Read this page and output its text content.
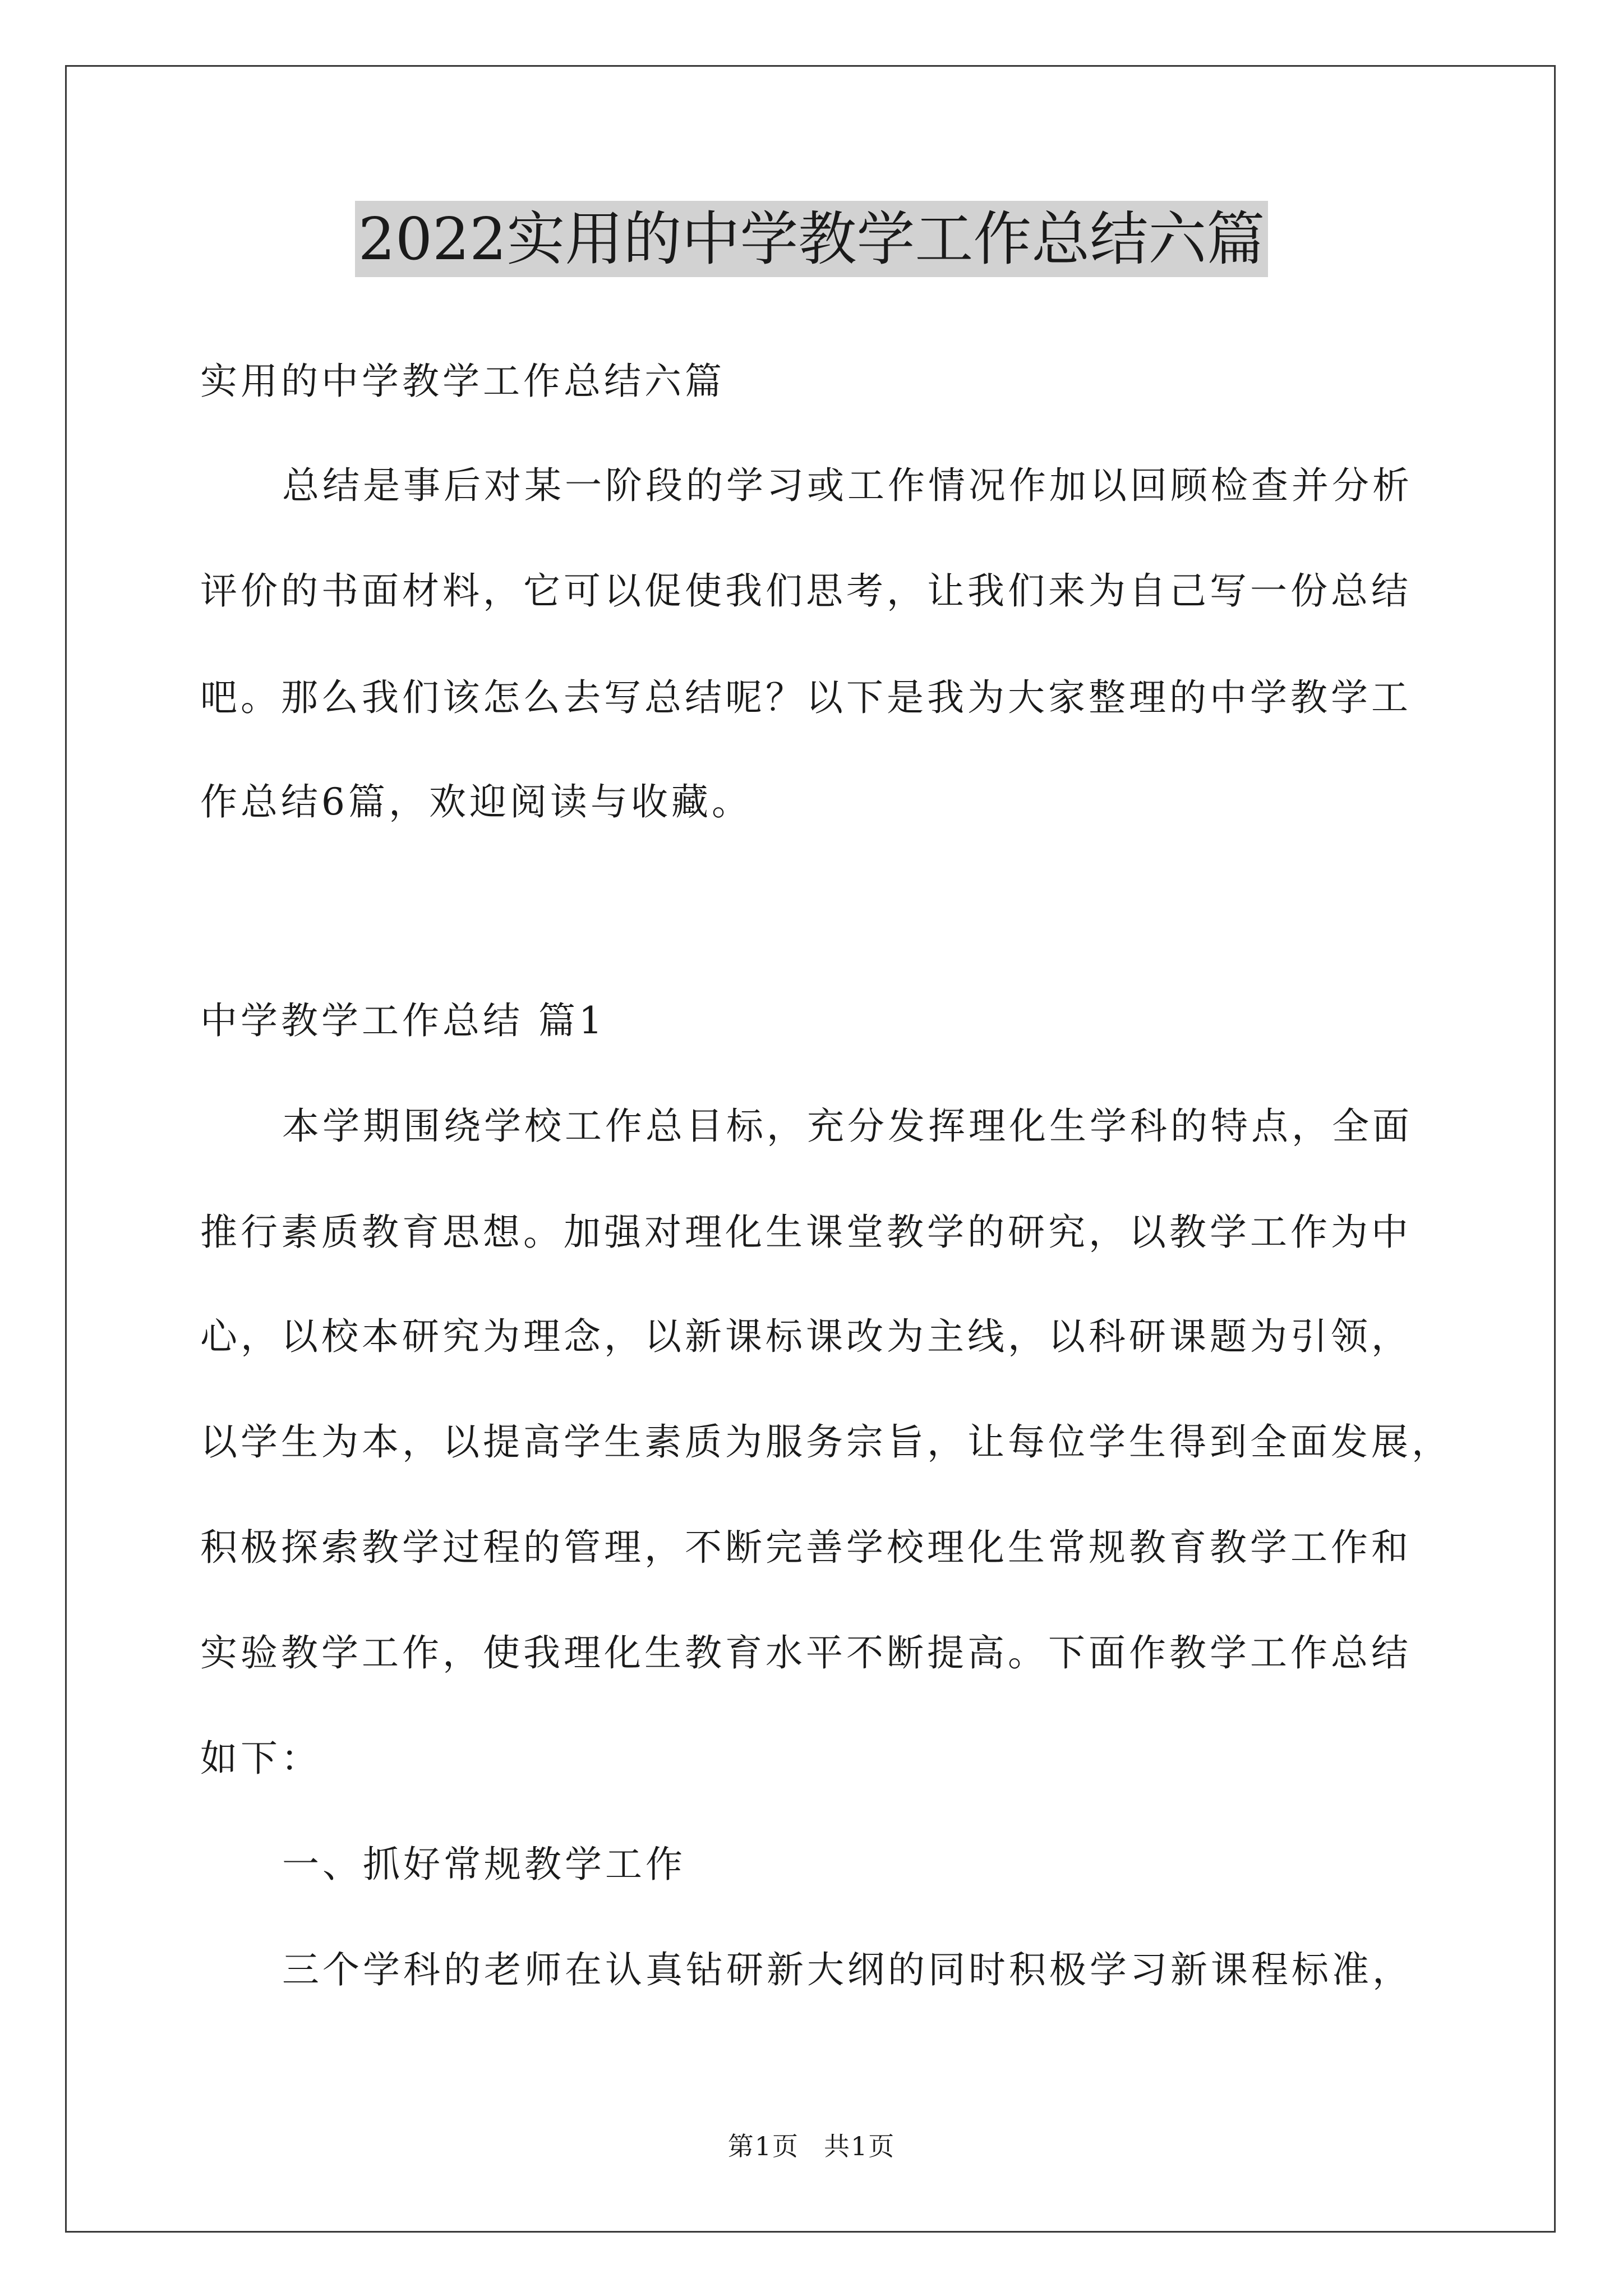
2022实用的中学教学工作总结六篇
实用的中学教学工作总结六篇
总结是事后对某一阶段的学习或工作情况作加以回顾检查并分析
评价的书面材料，它可以促使我们思考，让我们来为自己写一份总结
吧。那么我们该怎么去写总结呢？以下是我为大家整理的中学教学工
作总结6篇，欢迎阅读与收藏。
中学教学工作总结 篇1
本学期围绕学校工作总目标，充分发挥理化生学科的特点，全面
推行素质教育思想。加强对理化生课堂教学的研究，以教学工作为中
心，以校本研究为理念，以新课标课改为主线，以科研课题为引领，
以学生为本，以提高学生素质为服务宗旨，让每位学生得到全面发展，
积极探索教学过程的管理，不断完善学校理化生常规教育教学工作和
实验教学工作，使我理化生教育水平不断提高。下面作教学工作总结
如下：
一、抓好常规教学工作
三个学科的老师在认真钻研新大纲的同时积极学习新课程标准，
第1页 共1页
